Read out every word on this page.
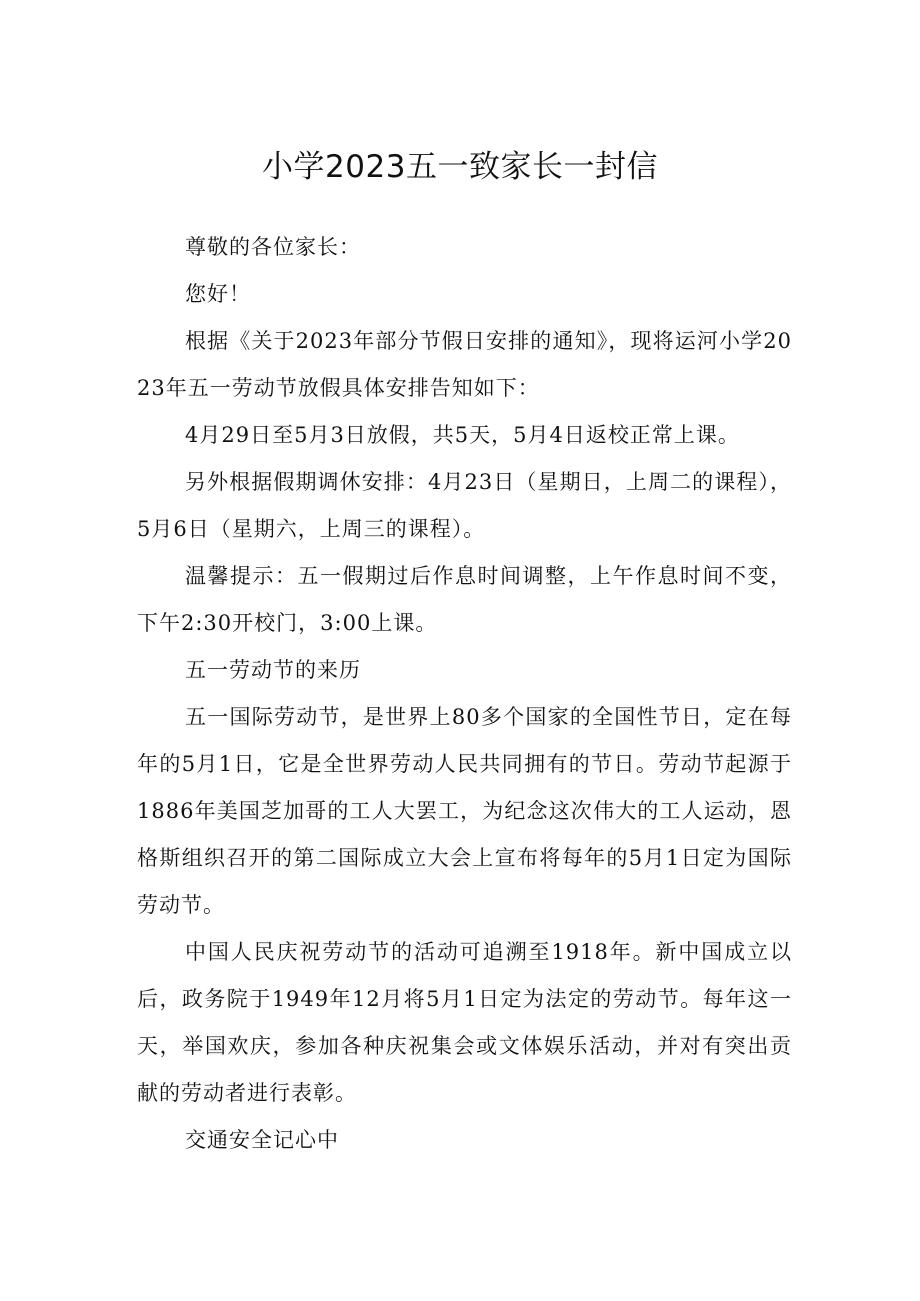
小学2023五一致家长一封信

尊敬的各位家长：

您好！

根据《关于2023年部分节假日安排的通知》，现将运河小学2023年五一劳动节放假具体安排告知如下：

4月29日至5月3日放假，共5天，5月4日返校正常上课。

另外根据假期调休安排：4月23日（星期日，上周二的课程），5月6日（星期六，上周三的课程）。

温馨提示：五一假期过后作息时间调整，上午作息时间不变，下午2:30开校门，3:00上课。

五一劳动节的来历

五一国际劳动节，是世界上80多个国家的全国性节日，定在每年的5月1日，它是全世界劳动人民共同拥有的节日。劳动节起源于1886年美国芝加哥的工人大罢工，为纪念这次伟大的工人运动，恩格斯组织召开的第二国际成立大会上宣布将每年的5月1日定为国际劳动节。

中国人民庆祝劳动节的活动可追溯至1918年。新中国成立以后，政务院于1949年12月将5月1日定为法定的劳动节。每年这一天，举国欢庆，参加各种庆祝集会或文体娱乐活动，并对有突出贡献的劳动者进行表彰。

交通安全记心中
